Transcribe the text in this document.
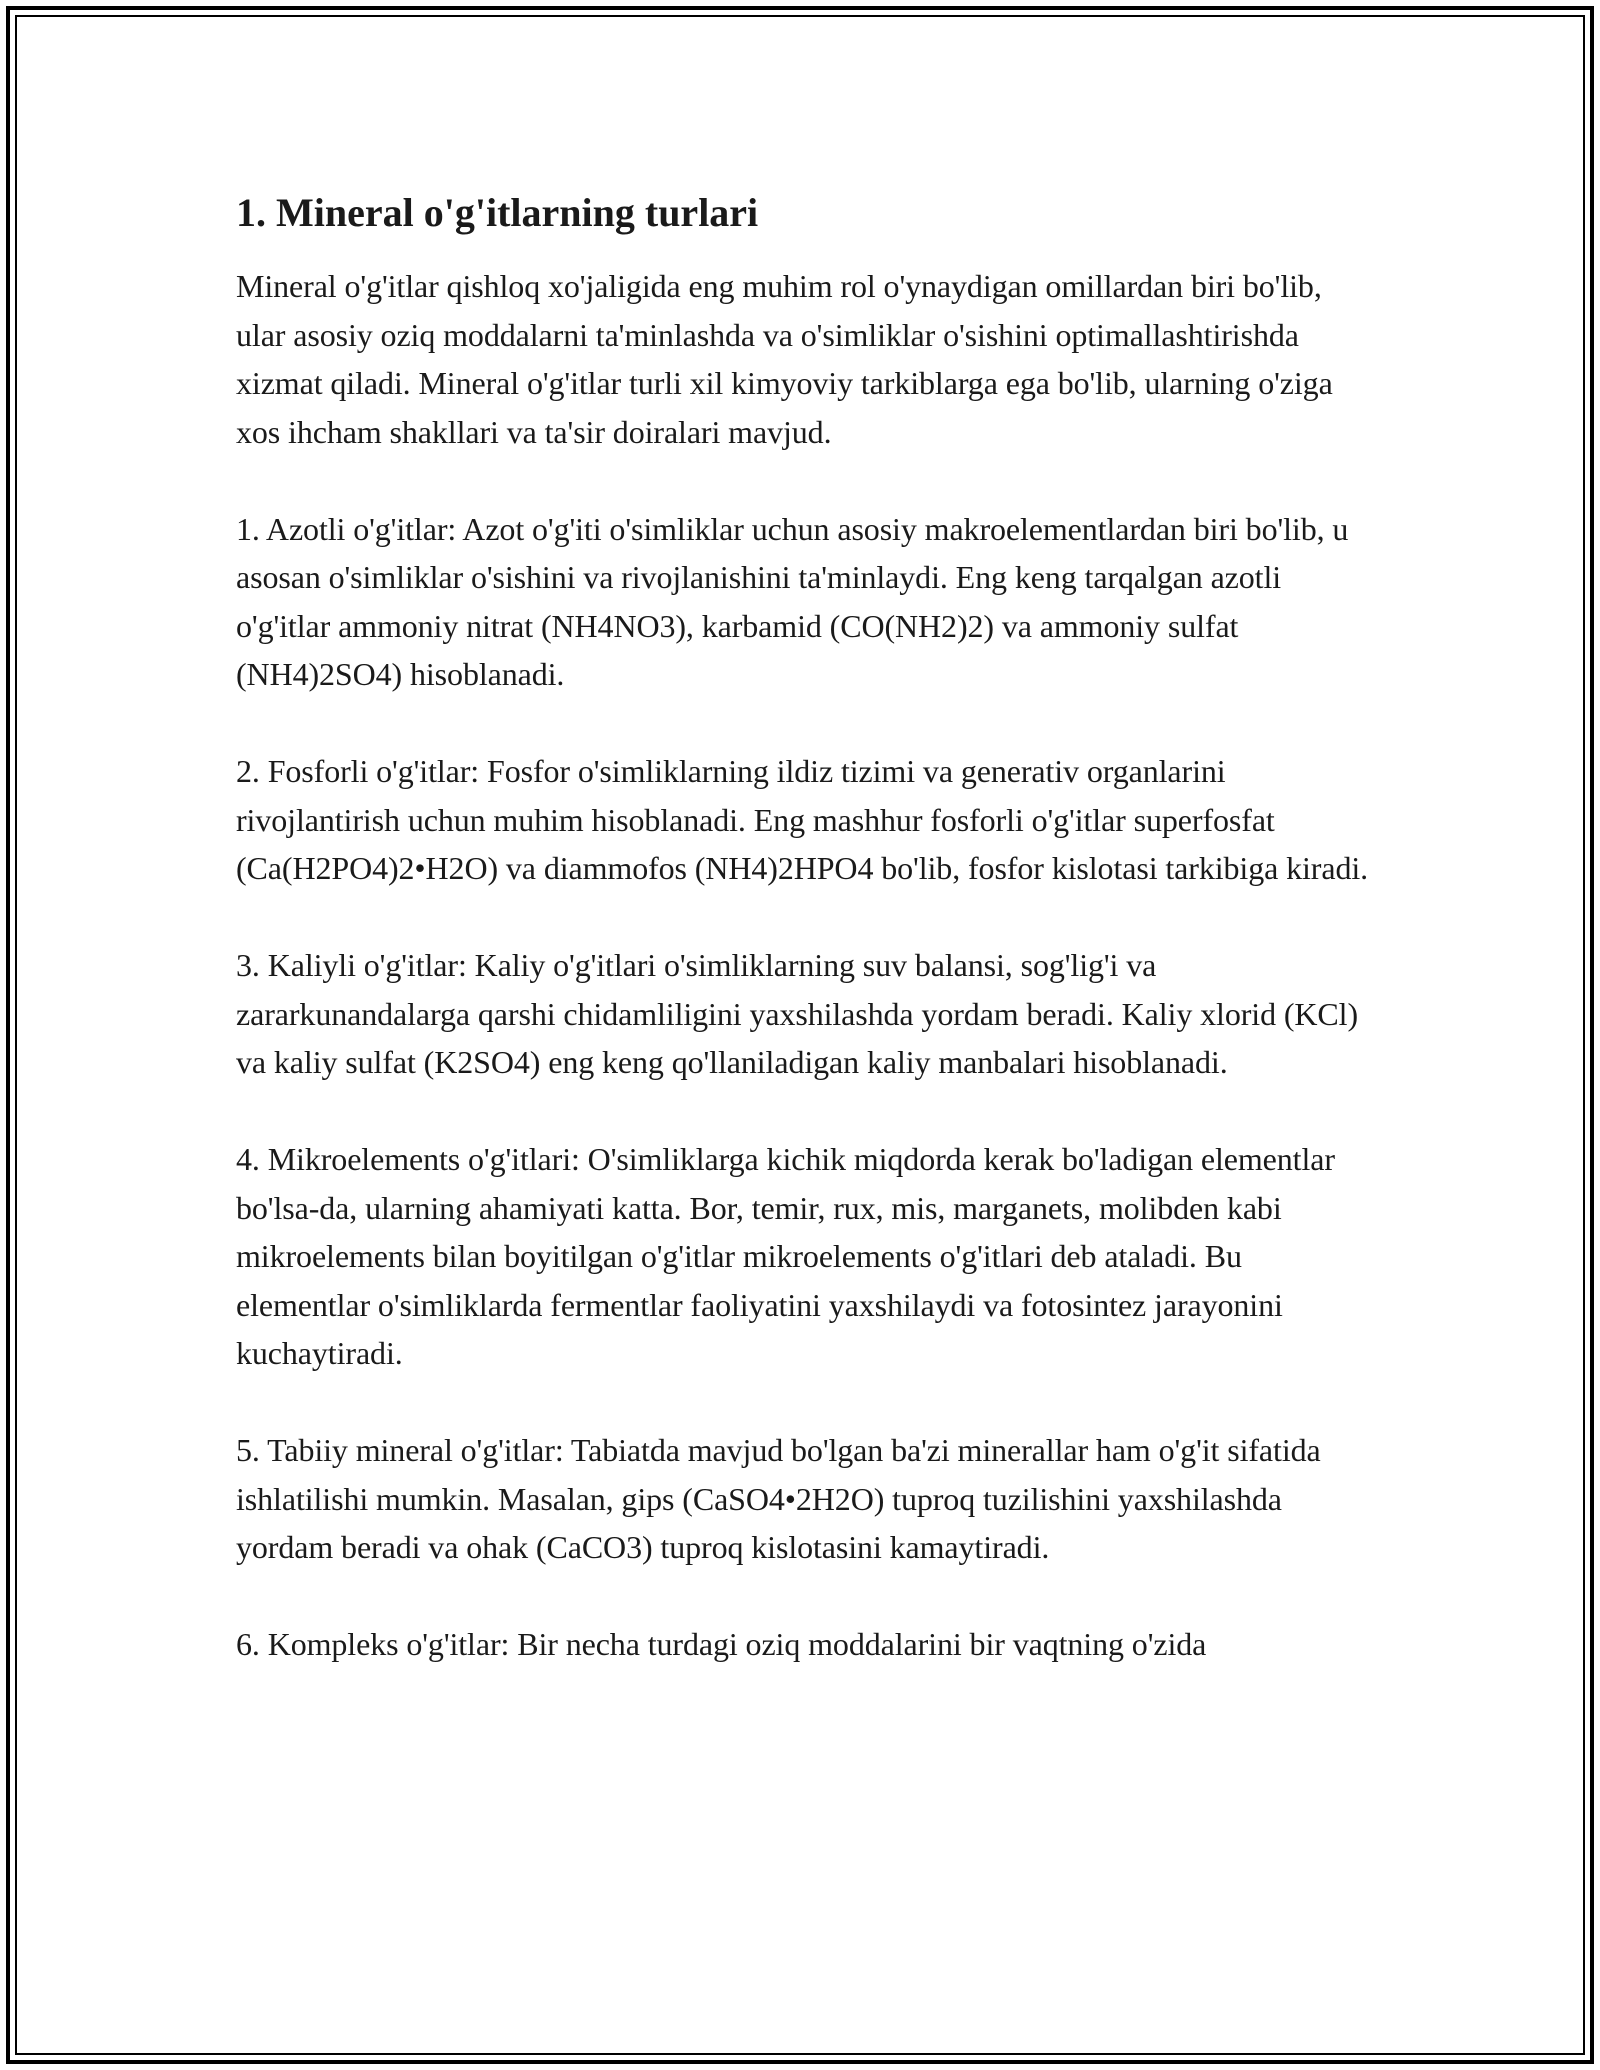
1. Mineral o'g'itlarning turlari

Mineral o'g'itlar qishloq xo'jaligida eng muhim rol o'ynaydigan omillardan biri bo'lib, ular asosiy oziq moddalarni ta'minlashda va o'simliklar o'sishini optimallashtirishda xizmat qiladi. Mineral o'g'itlar turli xil kimyoviy tarkiblarga ega bo'lib, ularning o'ziga xos ihcham shakllari va ta'sir doiralari mavjud.

1. Azotli o'g'itlar: Azot o'g'iti o'simliklar uchun asosiy makroelementlardan biri bo'lib, u asosan o'simliklar o'sishini va rivojlanishini ta'minlaydi. Eng keng tarqalgan azotli o'g'itlar ammoniy nitrat (NH4NO3), karbamid (CO(NH2)2) va ammoniy sulfat (NH4)2SO4) hisoblanadi.

2. Fosforli o'g'itlar: Fosfor o'simliklarning ildiz tizimi va generativ organlarini rivojlantirish uchun muhim hisoblanadi. Eng mashhur fosforli o'g'itlar superfosfat (Ca(H2PO4)2•H2O) va diammofos (NH4)2HPO4 bo'lib, fosfor kislotasi tarkibiga kiradi.

3. Kaliyli o'g'itlar: Kaliy o'g'itlari o'simliklarning suv balansi, sog'lig'i va zararkunandalarga qarshi chidamliligini yaxshilashda yordam beradi. Kaliy xlorid (KCl) va kaliy sulfat (K2SO4) eng keng qo'llaniladigan kaliy manbalari hisoblanadi.

4. Mikroelements o'g'itlari: O'simliklarga kichik miqdorda kerak bo'ladigan elementlar bo'lsa-da, ularning ahamiyati katta. Bor, temir, rux, mis, marganets, molibden kabi mikroelements bilan boyitilgan o'g'itlar mikroelements o'g'itlari deb ataladi. Bu elementlar o'simliklarda fermentlar faoliyatini yaxshilaydi va fotosintez jarayonini kuchaytiradi.

5. Tabiiy mineral o'g'itlar: Tabiatda mavjud bo'lgan ba'zi minerallar ham o'g'it sifatida ishlatilishi mumkin. Masalan, gips (CaSO4•2H2O) tuproq tuzilishini yaxshilashda yordam beradi va ohak (CaCO3) tuproq kislotasini kamaytiradi.

6. Kompleks o'g'itlar: Bir necha turdagi oziq moddalarini bir vaqtning o'zida
